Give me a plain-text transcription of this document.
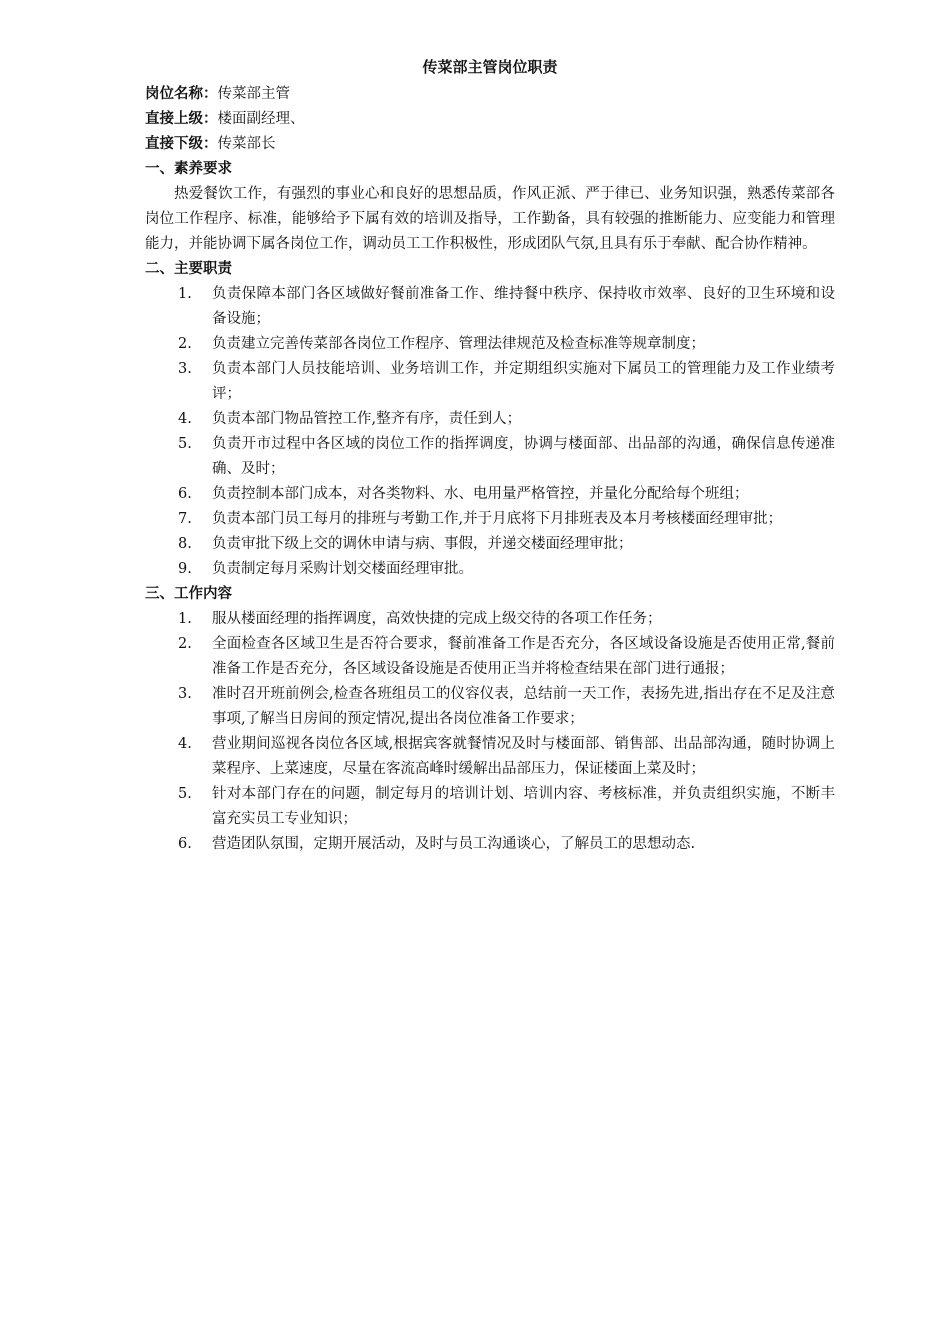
传菜部主管岗位职责
岗位名称：传菜部主管
直接上级：楼面副经理、
直接下级：传菜部长
一、素养要求
热爱餐饮工作，有强烈的事业心和良好的思想品质，作风正派、严于律已、业务知识强，熟悉传菜部各岗位工作程序、标准，能够给予下属有效的培训及指导，工作勤备，具有较强的推断能力、应变能力和管理能力，并能协调下属各岗位工作，调动员工工作积极性，形成团队气氛,且具有乐于奉献、配合协作精神。
二、主要职责
1. 负责保障本部门各区域做好餐前准备工作、维持餐中秩序、保持收市效率、良好的卫生环境和设备设施；
2. 负责建立完善传菜部各岗位工作程序、管理法律规范及检查标准等规章制度；
3. 负责本部门人员技能培训、业务培训工作，并定期组织实施对下属员工的管理能力及工作业绩考评；
4. 负责本部门物品管控工作,整齐有序，责任到人；
5. 负责开市过程中各区域的岗位工作的指挥调度，协调与楼面部、出品部的沟通，确保信息传递准确、及时；
6. 负责控制本部门成本，对各类物料、水、电用量严格管控，并量化分配给每个班组；
7. 负责本部门员工每月的排班与考勤工作,并于月底将下月排班表及本月考核楼面经理审批；
8. 负责审批下级上交的调休申请与病、事假，并递交楼面经理审批；
9. 负责制定每月采购计划交楼面经理审批。
三、工作内容
1. 服从楼面经理的指挥调度，高效快捷的完成上级交待的各项工作任务；
2. 全面检查各区域卫生是否符合要求，餐前准备工作是否充分，各区域设备设施是否使用正常,餐前准备工作是否充分，各区域设备设施是否使用正当并将检查结果在部门进行通报；
3. 准时召开班前例会,检查各班组员工的仪容仪表，总结前一天工作，表扬先进,指出存在不足及注意事项,了解当日房间的预定情况,提出各岗位准备工作要求；
4. 营业期间巡视各岗位各区域,根据宾客就餐情况及时与楼面部、销售部、出品部沟通，随时协调上菜程序、上菜速度，尽量在客流高峰时缓解出品部压力，保证楼面上菜及时；
5. 针对本部门存在的问题，制定每月的培训计划、培训内容、考核标准，并负责组织实施，不断丰富充实员工专业知识；
6. 营造团队氛围，定期开展活动，及时与员工沟通谈心，了解员工的思想动态.
